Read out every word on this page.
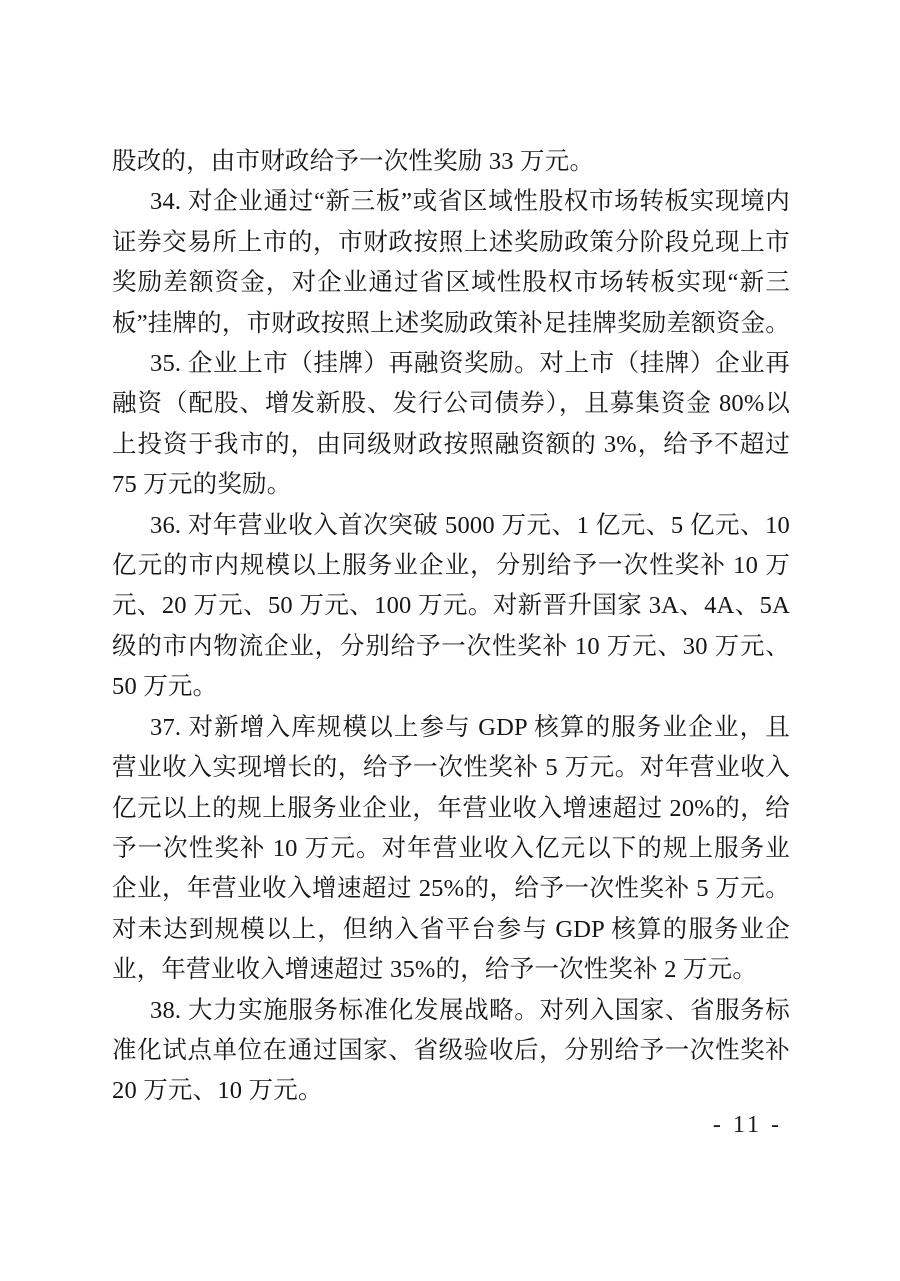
股改的，由市财政给予一次性奖励 33 万元。

34. 对企业通过“新三板”或省区域性股权市场转板实现境内证券交易所上市的，市财政按照上述奖励政策分阶段兑现上市奖励差额资金，对企业通过省区域性股权市场转板实现“新三板”挂牌的，市财政按照上述奖励政策补足挂牌奖励差额资金。

35. 企业上市（挂牌）再融资奖励。对上市（挂牌）企业再融资（配股、增发新股、发行公司债券），且募集资金 80%以上投资于我市的，由同级财政按照融资额的 3%，给予不超过 75 万元的奖励。

36. 对年营业收入首次突破 5000 万元、1 亿元、5 亿元、10 亿元的市内规模以上服务业企业，分别给予一次性奖补 10 万元、20 万元、50 万元、100 万元。对新晋升国家 3A、4A、5A 级的市内物流企业，分别给予一次性奖补 10 万元、30 万元、50 万元。

37. 对新增入库规模以上参与 GDP 核算的服务业企业，且营业收入实现增长的，给予一次性奖补 5 万元。对年营业收入亿元以上的规上服务业企业，年营业收入增速超过 20%的，给予一次性奖补 10 万元。对年营业收入亿元以下的规上服务业企业，年营业收入增速超过 25%的，给予一次性奖补 5 万元。对未达到规模以上，但纳入省平台参与 GDP 核算的服务业企业，年营业收入增速超过 35%的，给予一次性奖补 2 万元。

38. 大力实施服务标准化发展战略。对列入国家、省服务标准化试点单位在通过国家、省级验收后，分别给予一次性奖补 20 万元、10 万元。

- 11 -
